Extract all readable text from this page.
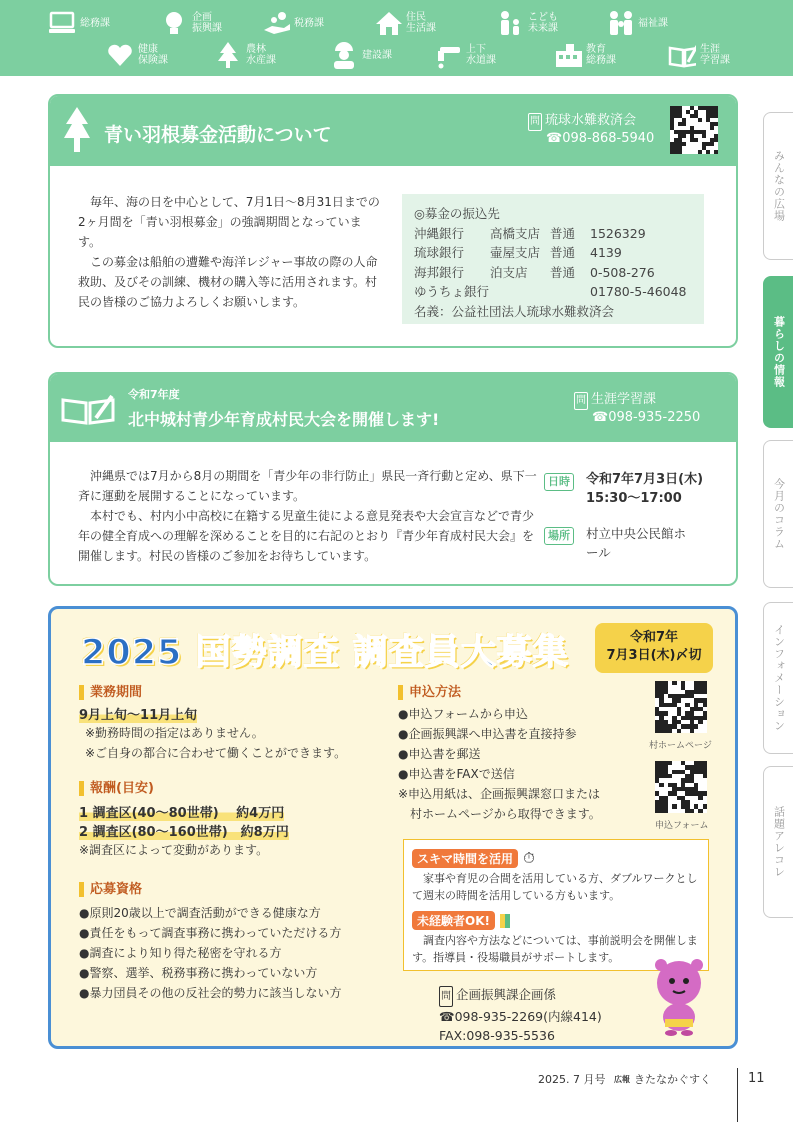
総務課	企画
振興課	税務課	住民
生活課
こども
未来課	福祉課
健康
保険課
農林
水産課	建設課	上下
水道課
教育
総務課
生涯
学習課
みんなの広場
暮らしの情報
今月のコラム
インフォメーション
話題アレコレ
青い羽根募金活動について
問 琉球水難救済会
☎098-868-5940
毎年、海の日を中心として、7月1日〜8月31日までの2ヶ月間を「青い羽根募金」の強調期間となっています。
この募金は船舶の遭難や海洋レジャー事故の際の人命救助、及びその訓練、機材の購入等に活用されます。村民の皆様のご協力よろしくお願いします。
◎募金の振込先
沖縄銀行	高橋支店 普通	1526329
琉球銀行	壷屋支店 普通	4139
海邦銀行	泊支店	普通	0-508-276
ゆうちょ銀行	01780-5-46048
名義：公益社団法人琉球水難救済会
令和7年度
北中城村青少年育成村民大会を開催します!
問 生涯学習課
☎098-935-2250
沖縄県では7月から8月の期間を「青少年の非行防止」県民一斉行動と定め、県下一斉に運動を展開することになっています。
本村でも、村内小中高校に在籍する児童生徒による意見発表や大会宣言などで青少年の健全育成への理解を深めることを目的に右記のとおり『青少年育成村民大会』を開催します。村民の皆様のご参加をお待ちしています。
日時 令和7年7月3日(木)
15:30〜17:00
場所 村立中央公民館ホール
2025 国勢調査 調査員大募集	令和7年
7月3日(木)〆切
業務期間
9月上旬〜11月上旬
※勤務時間の指定はありません。
※ご自身の都合に合わせて働くことができます。
報酬(目安)
1 調査区(40〜80世帯)　 約4万円
2 調査区(80〜160世帯)　約8万円
※調査区によって変動があります。
応募資格
●原則20歳以上で調査活動ができる健康な方
●責任をもって調査事務に携わっていただける方
●調査により知り得た秘密を守れる方
●警察、選挙、税務事務に携わっていない方
●暴力団員その他の反社会的勢力に該当しない方
申込方法
●申込フォームから申込
●企画振興課へ申込書を直接持参
●申込書を郵送
●申込書をFAXで送信
※申込用紙は、企画振興課窓口または
村ホームページから取得できます。
村ホームページ
申込フォーム
スキマ時間を活用 ⏱

家事や育児の合間を活用している方、ダブルワークとして週末の時間を活用している方もいます。

未経験者OK!

調査内容や方法などについては、事前説明会を開催します。指導員・役場職員がサポートします。

問 企画振興課企画係
☎098-935-2269(内線414)
FAX:098-935-5536
2025. 7 月号 広報 きたなかぐすく	11
